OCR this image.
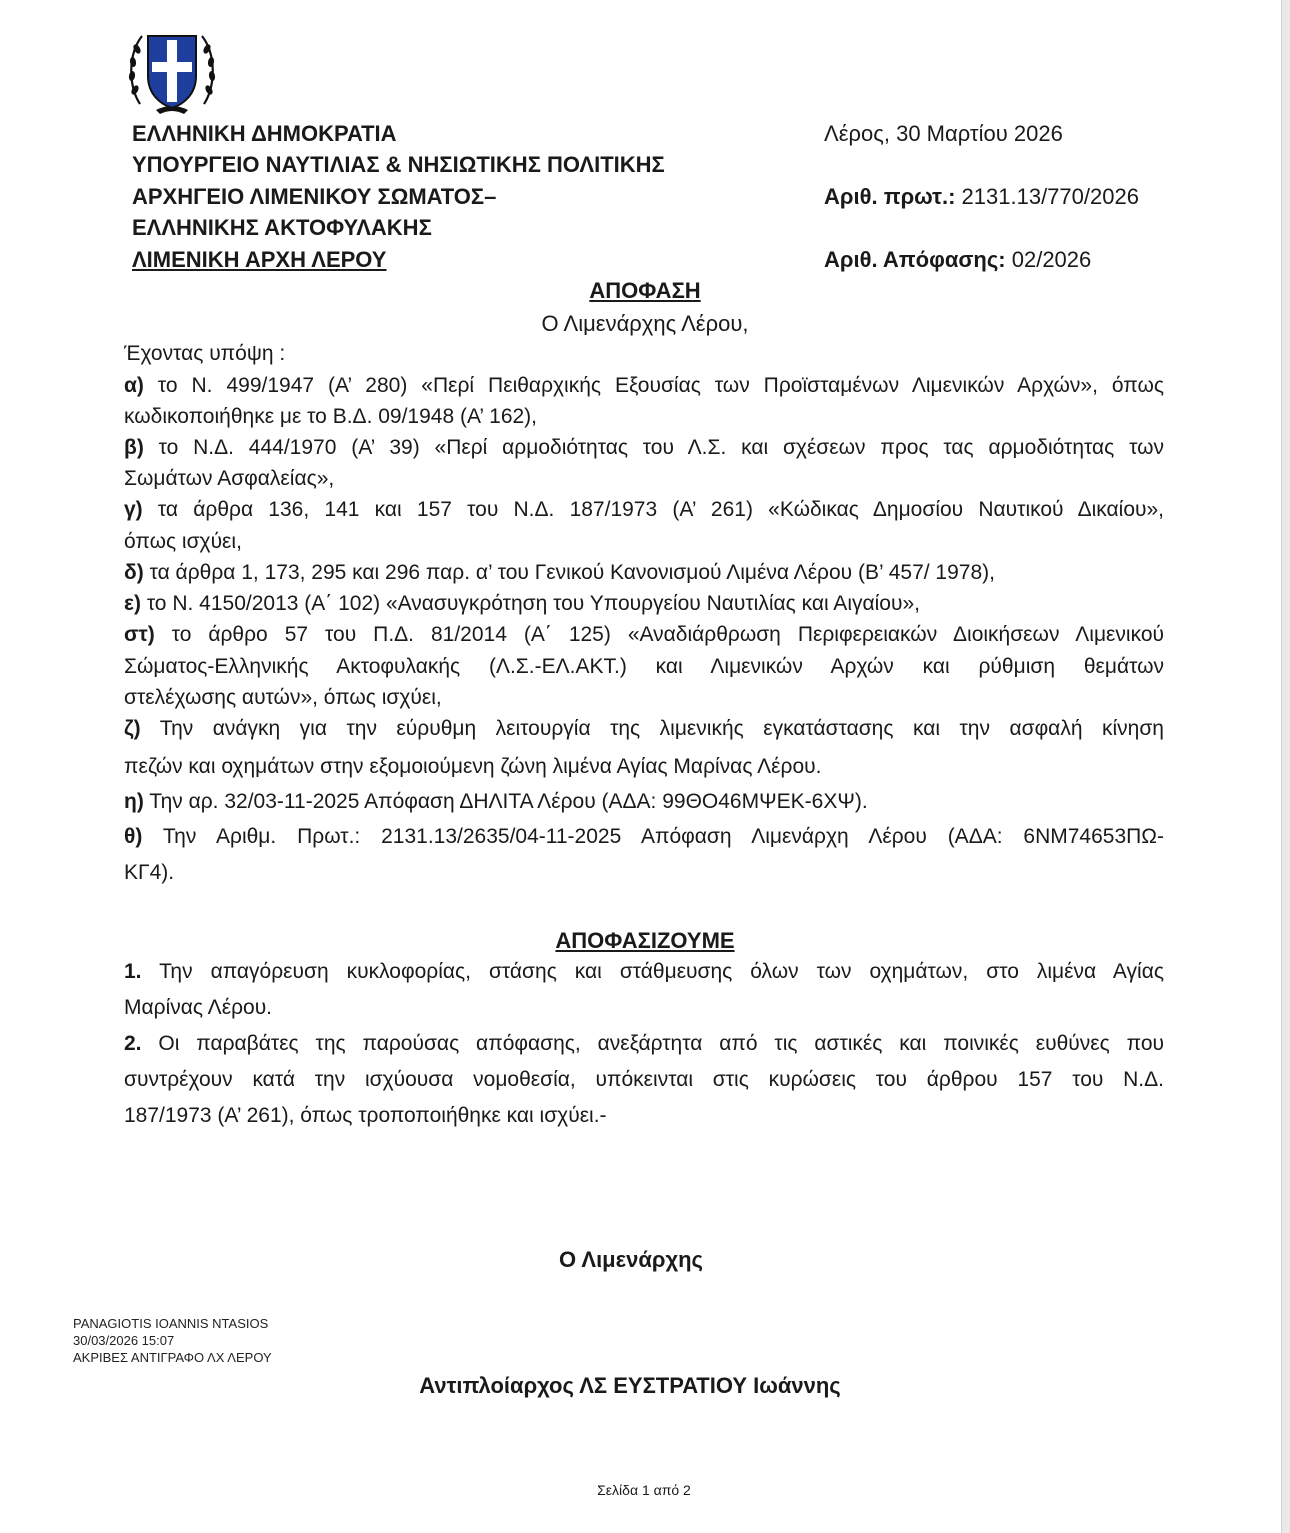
ΕΛΛΗΝΙΚΗ ΔΗΜΟΚΡΑΤΙΑ
ΥΠΟΥΡΓΕΙΟ ΝΑΥΤΙΛΙΑΣ & ΝΗΣΙΩΤΙΚΗΣ ΠΟΛΙΤΙΚΗΣ
ΑΡΧΗΓΕΙΟ ΛΙΜΕΝΙΚΟΥ ΣΩΜΑΤΟΣ–
ΕΛΛΗΝΙΚΗΣ ΑΚΤΟΦΥΛΑΚΗΣ
ΛΙΜΕΝΙΚΗ ΑΡΧΗ ΛΕΡΟΥ
Λέρος, 30 Μαρτίου 2026
Αριθ. πρωτ.: 2131.13/770/2026
Αριθ. Απόφασης: 02/2026
ΑΠΟΦΑΣΗ
Ο Λιμενάρχης Λέρου,
Έχοντας υπόψη :
α) το Ν. 499/1947 (Α’ 280) «Περί Πειθαρχικής Εξουσίας των Προϊσταμένων Λιμενικών Αρχών», όπως
κωδικοποιήθηκε με το Β.Δ. 09/1948 (Α’ 162),
β) το Ν.Δ. 444/1970 (Α’ 39) «Περί αρμοδιότητας του Λ.Σ. και σχέσεων προς τας αρμοδιότητας των
Σωμάτων Ασφαλείας»,
γ) τα άρθρα 136, 141 και 157 του Ν.Δ. 187/1973 (Α’ 261) «Κώδικας Δημοσίου Ναυτικού Δικαίου»,
όπως ισχύει,
δ) τα άρθρα 1, 173, 295 και 296 παρ. α’ του Γενικού Κανονισμού Λιμένα Λέρου (Β’ 457/ 1978),
ε) το Ν. 4150/2013 (Α΄ 102) «Ανασυγκρότηση του Υπουργείου Ναυτιλίας και Αιγαίου»,
στ) το άρθρο 57 του Π.Δ. 81/2014 (Α΄ 125) «Αναδιάρθρωση Περιφερειακών Διοικήσεων Λιμενικού
Σώματος-Ελληνικής Ακτοφυλακής (Λ.Σ.-ΕΛ.ΑΚΤ.) και Λιμενικών Αρχών και ρύθμιση θεμάτων
στελέχωσης αυτών», όπως ισχύει,
ζ) Την ανάγκη για την εύρυθμη λειτουργία της λιμενικής εγκατάστασης και την ασφαλή κίνηση
πεζών και οχημάτων στην εξομοιούμενη ζώνη λιμένα Αγίας Μαρίνας Λέρου.
η) Την αρ. 32/03-11-2025 Απόφαση ΔΗΛΙΤΑ Λέρου (ΑΔΑ: 99ΘΟ46ΜΨΕΚ-6ΧΨ).
θ) Την Αριθμ. Πρωτ.: 2131.13/2635/04-11-2025 Απόφαση Λιμενάρχη Λέρου (ΑΔΑ: 6ΝΜ74653ΠΩ-
ΚΓ4).
ΑΠΟΦΑΣΙΖΟΥΜΕ
1. Την απαγόρευση κυκλοφορίας, στάσης και στάθμευσης όλων των οχημάτων, στο λιμένα Αγίας
Μαρίνας Λέρου.
2. Οι παραβάτες της παρούσας απόφασης, ανεξάρτητα από τις αστικές και ποινικές ευθύνες που
συντρέχουν κατά την ισχύουσα νομοθεσία, υπόκεινται στις κυρώσεις του άρθρου 157 του Ν.Δ.
187/1973 (Α’ 261), όπως τροποποιήθηκε και ισχύει.-
Ο Λιμενάρχης
PANAGIOTIS IOANNIS NTASIOS
30/03/2026 15:07
ΑΚΡΙΒΕΣ ΑΝΤΙΓΡΑΦΟ ΛΧ ΛΕΡΟΥ
Αντιπλοίαρχος ΛΣ ΕΥΣΤΡΑΤΙΟΥ Ιωάννης
Σελίδα 1 από 2
